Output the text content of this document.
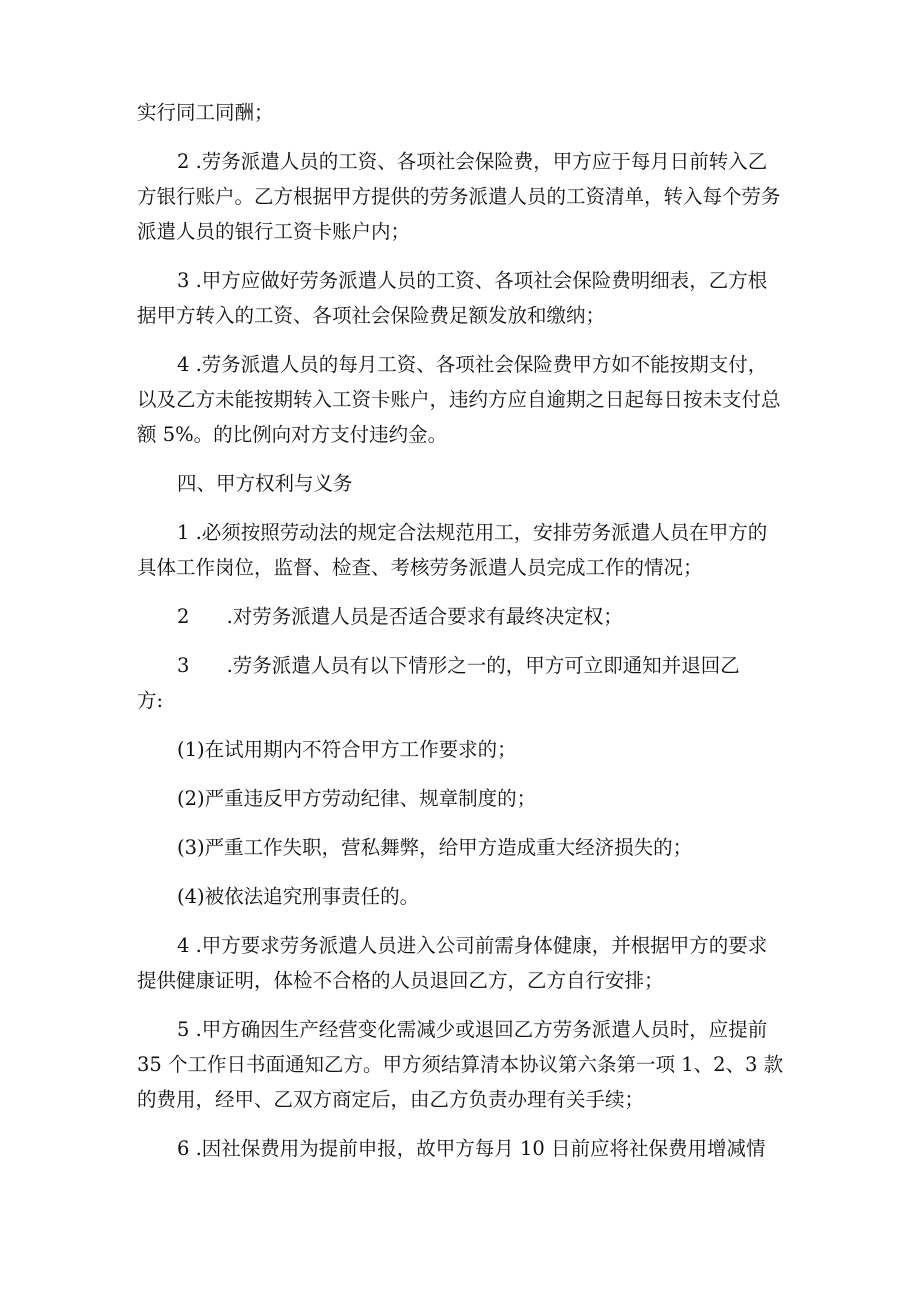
实行同工同酬；
2 .劳务派遣人员的工资、各项社会保险费，甲方应于每月日前转入乙
方银行账户。乙方根据甲方提供的劳务派遣人员的工资清单，转入每个劳务
派遣人员的银行工资卡账户内；
3 .甲方应做好劳务派遣人员的工资、各项社会保险费明细表，乙方根
据甲方转入的工资、各项社会保险费足额发放和缴纳；
4 .劳务派遣人员的每月工资、各项社会保险费甲方如不能按期支付，
以及乙方未能按期转入工资卡账户，违约方应自逾期之日起每日按未支付总
额 5%。的比例向对方支付违约金。
四、甲方权利与义务
1 .必须按照劳动法的规定合法规范用工，安排劳务派遣人员在甲方的
具体工作岗位，监督、检查、考核劳务派遣人员完成工作的情况；
2      .对劳务派遣人员是否适合要求有最终决定权；
3      .劳务派遣人员有以下情形之一的，甲方可立即通知并退回乙
方:
(1)在试用期内不符合甲方工作要求的；
(2)严重违反甲方劳动纪律、规章制度的；
(3)严重工作失职，营私舞弊，给甲方造成重大经济损失的；
(4)被依法追究刑事责任的。
4 .甲方要求劳务派遣人员进入公司前需身体健康，并根据甲方的要求
提供健康证明，体检不合格的人员退回乙方，乙方自行安排；
5 .甲方确因生产经营变化需减少或退回乙方劳务派遣人员时，应提前
35 个工作日书面通知乙方。甲方须结算清本协议第六条第一项 1、2、3 款
的费用，经甲、乙双方商定后，由乙方负责办理有关手续；
6 .因社保费用为提前申报，故甲方每月 10 日前应将社保费用增减情
